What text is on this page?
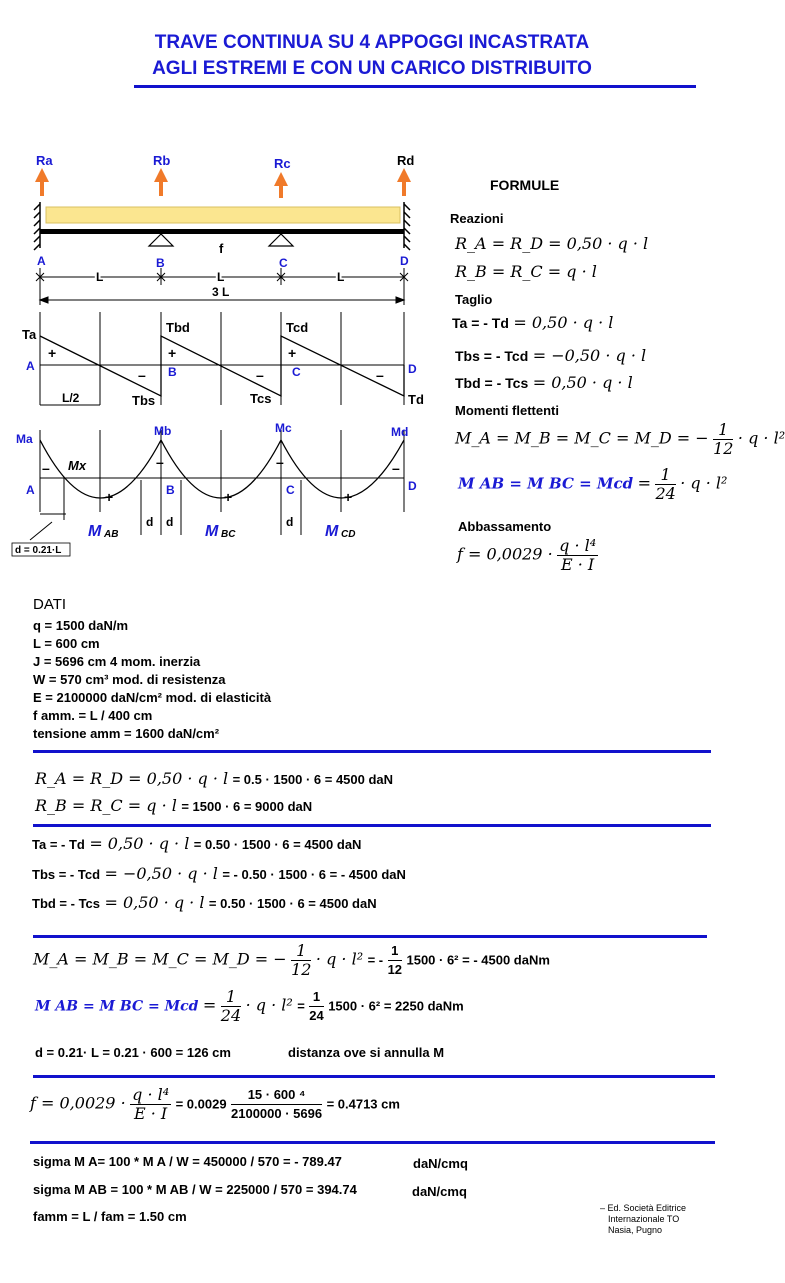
TRAVE CONTINUA SU 4 APPOGGI INCASTRATA
AGLI ESTREMI E CON UN CARICO DISTRIBUITO
Ra	Rb	Rc	Rd
f
A	B	C	D
L	L	L
3 L
Ta	Tbd	Tcd
Tbs	Tcs	Td
A	B	C	D
+	+	+
–	–	–
L/2
Ma
Mb	Mc	Md
Mx
A	B	C	D
–	–	–	–
+	+	+
M AB	M BC	M CD
d d	d
d = 0.21·L
FORMULE
Reazioni
R_A = R_D = 0,50 · q · l
R_B = R_C = q · l
Taglio
Ta = - Td = 0,50 · q · l
Tbs = - Tcd = −0,50 · q · l
Tbd = - Tcs = 0,50 · q · l
Momenti flettenti
M_A = M_B = M_C = M_D = − $\frac{1}{12} \cdot q \cdot l^2$
M AB = M BC = Mcd = $\frac{1}{24} \cdot q \cdot l^2$
Abbassamento
$f = 0,0029 \cdot \frac{\text{q · l⁴}}{E \cdot I}$
DATI
q = 1500 daN/m
L = 600 cm
J = 5696 cm 4 mom. inerzia
W = 570 cm³ mod. di resistenza
E = 2100000 daN/cm² mod. di elasticità
f amm. = L / 400 cm
tensione amm = 1600 daN/cm²
R_A = R_D = 0,50 · q · l = 0.5 · 1500 · 6 = 4500 daN
R_B = R_C = q · l = 1500 · 6 = 9000 daN
Ta = - Td = 0,50 · q · l = 0.50 · 1500 · 6 = 4500 daN
Tbs = - Tcd = −0,50 · q · l = - 0.50 · 1500 · 6 = - 4500 daN
Tbd = - Tcs = 0,50 · q · l = 0.50 · 1500 · 6 = 4500 daN
M_A = M_B = M_C = M_D = − $\frac{1}{12} \cdot q \cdot l^2$ = - $\frac{1}{12} 1500 \cdot 6^2$ = - 4500 daNm
M AB = M BC = Mcd = $\frac{1}{24} \cdot q \cdot l^2 = \frac{1}{24} 1500 \cdot 6^2 = 2250$ daNm
d = 0.21· L = 0.21 · 600 = 126 cm	distanza ove si annulla M
$f = 0,0029 \cdot \frac{\text{q · l⁴}}{E \cdot I} = 0.0029 \frac{\text{15 · 600 ⁴}}{2100000 \cdot 5696} = 0.4713$ cm
sigma M A= 100 * M A / W = 450000 / 570 = - 789.47	daN/cmq
sigma M AB = 100 * M AB / W = 225000 / 570 = 394.74	daN/cmq
famm = L / fam = 1.50 cm
– Ed. Società Editrice
Internazionale TO
Nasia, Pugno
